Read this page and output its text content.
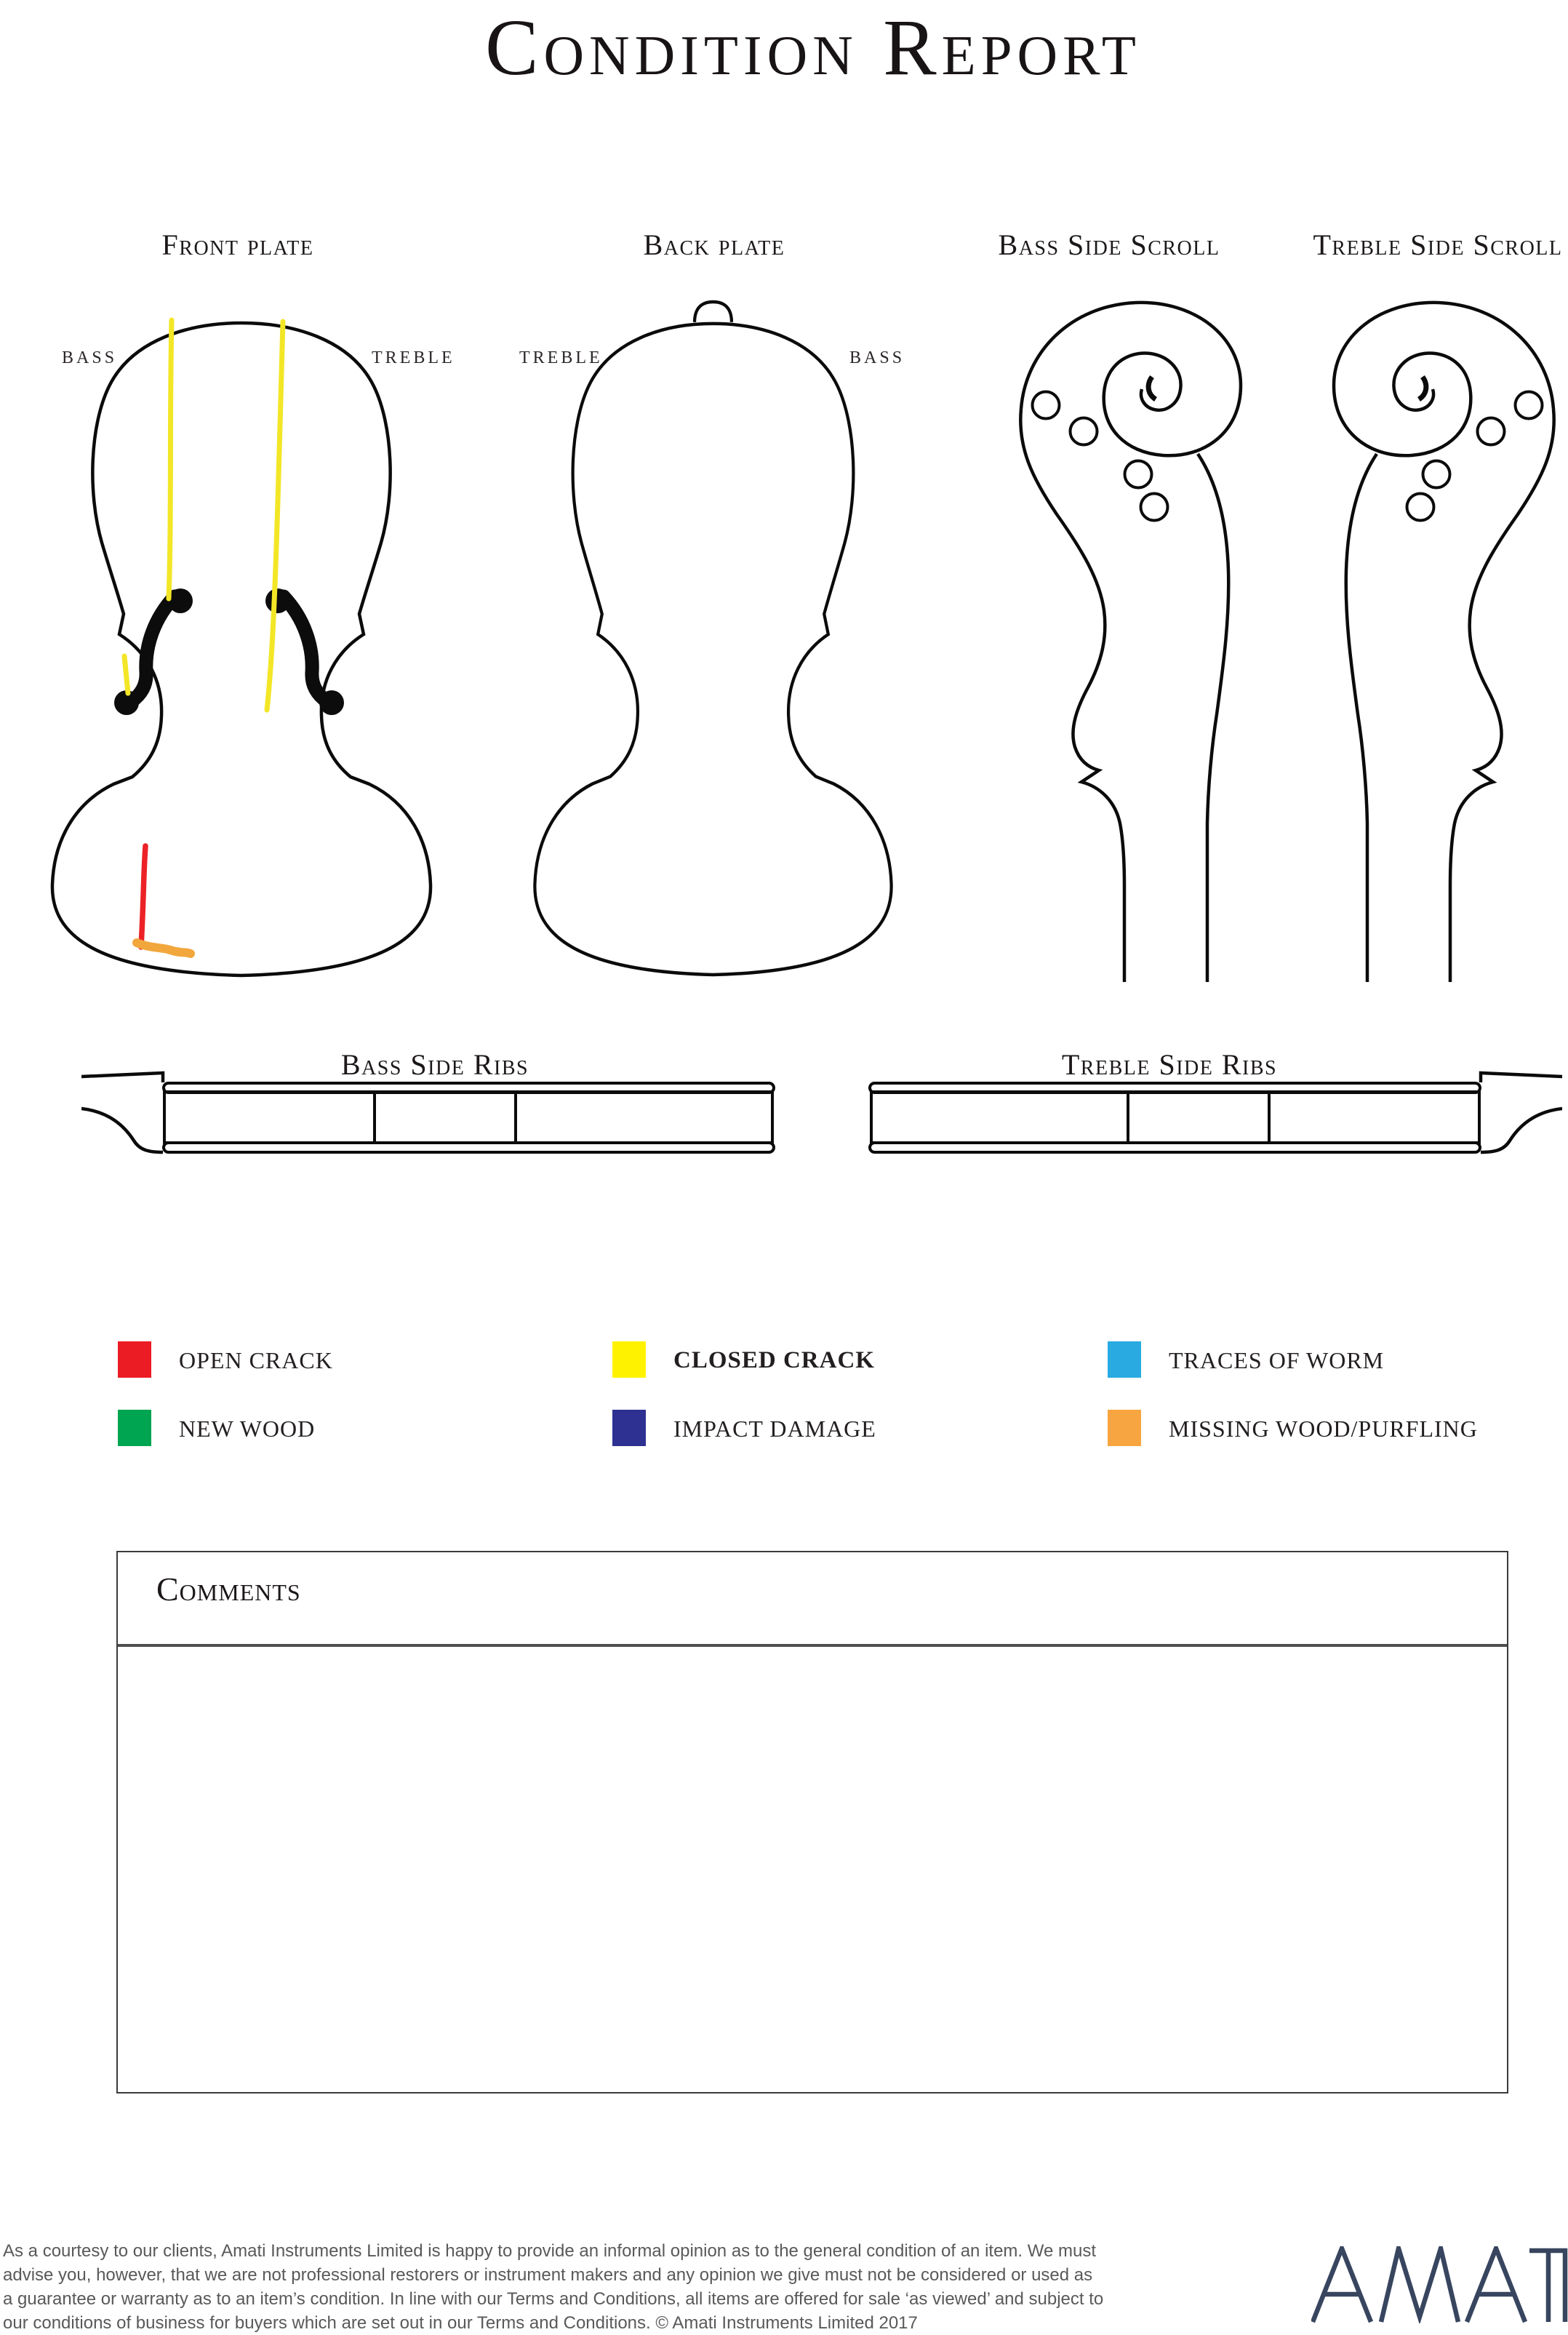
Condition Report
Front plate	Back plate	Bass Side Scroll	Treble Side Scroll
BASS	TREBLE	TREBLE	BASS
Bass Side Ribs	Treble Side Ribs
OPEN CRACK	CLOSED CRACK	TRACES OF WORM
NEW WOOD	IMPACT DAMAGE	MISSING WOOD/PURFLING
Comments
As a courtesy to our clients, Amati Instruments Limited is happy to provide an informal opinion as to the general condition of an item. We must
advise you, however, that we are not professional restorers or instrument makers and any opinion we give must not be considered or used as
a guarantee or warranty as to an item’s condition. In line with our Terms and Conditions, all items are offered for sale ‘as viewed’ and subject to
our conditions of business for buyers which are set out in our Terms and Conditions. © Amati Instruments Limited 2017
